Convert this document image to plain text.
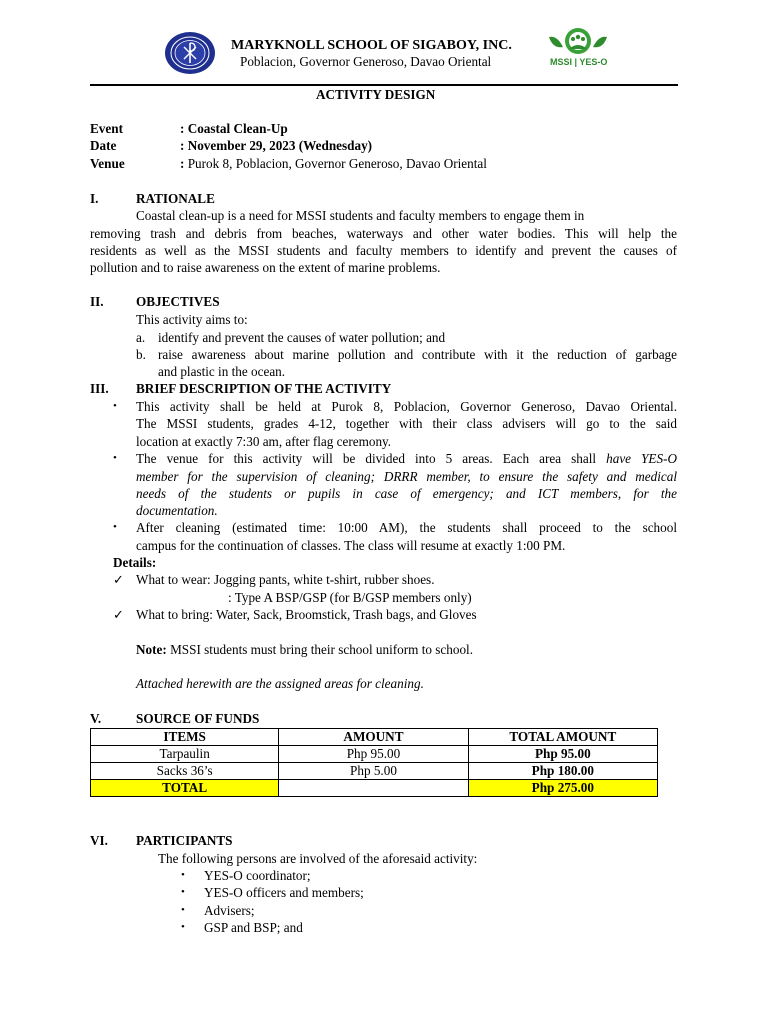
MARYKNOLL SCHOOL OF SIGABOY, INC.
Poblacion, Governor Generoso, Davao Oriental	MSSI | YES-O
ACTIVITY DESIGN
Event	: Coastal Clean-Up
Date	: November 29, 2023 (Wednesday)
Venue	: Purok 8, Poblacion, Governor Generoso, Davao Oriental
I.	RATIONALE
Coastal clean-up is a need for MSSI students and faculty members to engage them in
removing trash and debris from beaches, waterways and other water bodies. This will help the
residents as well as the MSSI students and faculty members to identify and prevent the causes of
pollution and to raise awareness on the extent of marine problems.
II. OBJECTIVES
This activity aims to:
a. identify and prevent the causes of water pollution; and
b. raise awareness about marine pollution and contribute with it the reduction of garbage
and plastic in the ocean.
III. BRIEF DESCRIPTION OF THE ACTIVITY
• This activity shall be held at Purok 8, Poblacion, Governor Generoso, Davao Oriental.
The MSSI students, grades 4-12, together with their class advisers will go to the said
location at exactly 7:30 am, after flag ceremony.
• The venue for this activity will be divided into 5 areas. Each area shall have YES-O
member for the supervision of cleaning; DRRR member, to ensure the safety and medical
needs of the students or pupils in case of emergency; and ICT members, for the
documentation.
• After cleaning (estimated time: 10:00 AM), the students shall proceed to the school
campus for the continuation of classes. The class will resume at exactly 1:00 PM.
Details:
✓ What to wear: Jogging pants, white t-shirt, rubber shoes.
: Type A BSP/GSP (for B/GSP members only)
✓ What to bring: Water, Sack, Broomstick, Trash bags, and Gloves
Note: MSSI students must bring their school uniform to school.
Attached herewith are the assigned areas for cleaning.
V.	SOURCE OF FUNDS
ITEMS	AMOUNT	TOTAL AMOUNT
Tarpaulin	Php 95.00	Php 95.00
Sacks 36’s	Php 5.00	Php 180.00
TOTAL		Php 275.00
VI. PARTICIPANTS
The following persons are involved of the aforesaid activity:
• YES-O coordinator;
• YES-O officers and members;
• Advisers;
• GSP and BSP; and
